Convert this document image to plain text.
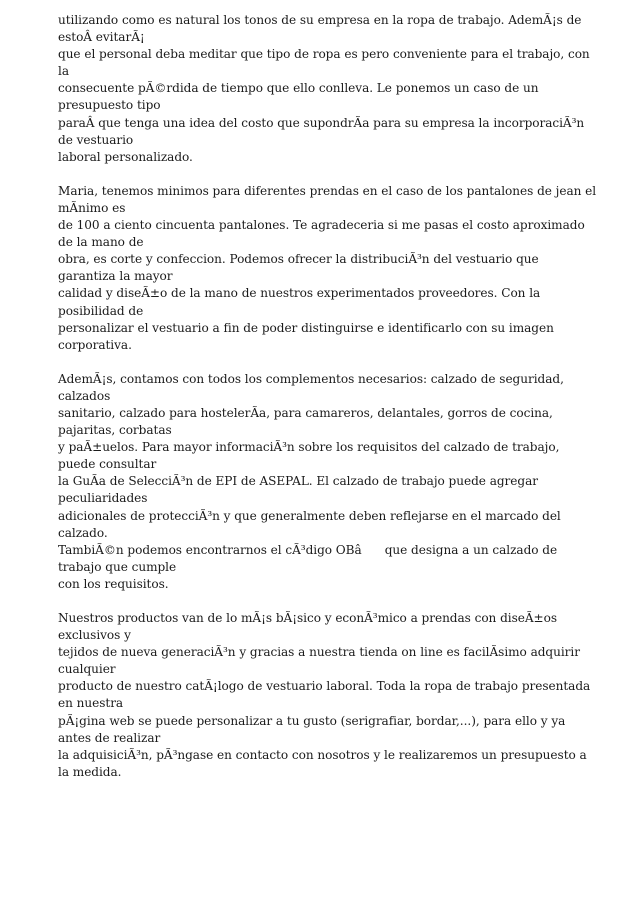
utilizando como es natural los tonos de su empresa en la ropa de trabajo. AdemÃ¡s de estoÂ evitarÃ¡
que el personal deba meditar que tipo de ropa es pero conveniente para el trabajo, con la
consecuente pÃ©rdida de tiempo que ello conlleva. Le ponemos un caso de un presupuesto tipo
paraÂ que tenga una idea del costo que supondrÃa para su empresa la incorporaciÃ³n de vestuario
laboral personalizado.

Maria, tenemos minimos para diferentes prendas en el caso de los pantalones de jean el mÃnimo es
de 100 a ciento cincuenta pantalones. Te agradeceria si me pasas el costo aproximado de la mano de
obra, es corte y confeccion. Podemos ofrecer la distribuciÃ³n del vestuario que garantiza la mayor
calidad y diseÃ±o de la mano de nuestros experimentados proveedores. Con la posibilidad de
personalizar el vestuario a fin de poder distinguirse e identificarlo con su imagen corporativa.

AdemÃ¡s, contamos con todos los complementos necesarios: calzado de seguridad, calzados
sanitario, calzado para hostelerÃa, para camareros, delantales, gorros de cocina, pajaritas, corbatas
y paÃ±uelos. Para mayor informaciÃ³n sobre los requisitos del calzado de trabajo, puede consultar
la GuÃa de SelecciÃ³n de EPI de ASEPAL. El calzado de trabajo puede agregar peculiaridades
adicionales de protecciÃ³n y que generalmente deben reflejarse en el marcado del calzado.
TambiÃ©n podemos encontrarnos el cÃ³digo OBâ que designa a un calzado de trabajo que cumple
con los requisitos.

Nuestros productos van de lo mÃ¡s bÃ¡sico y econÃ³mico a prendas con diseÃ±os exclusivos y
tejidos de nueva generaciÃ³n y gracias a nuestra tienda on line es facilÃsimo adquirir cualquier
producto de nuestro catÃ¡logo de vestuario laboral. Toda la ropa de trabajo presentada en nuestra
pÃ¡gina web se puede personalizar a tu gusto (serigrafiar, bordar,...), para ello y ya antes de realizar
la adquisiciÃ³n, pÃ³ngase en contacto con nosotros y le realizaremos un presupuesto a la medida.
